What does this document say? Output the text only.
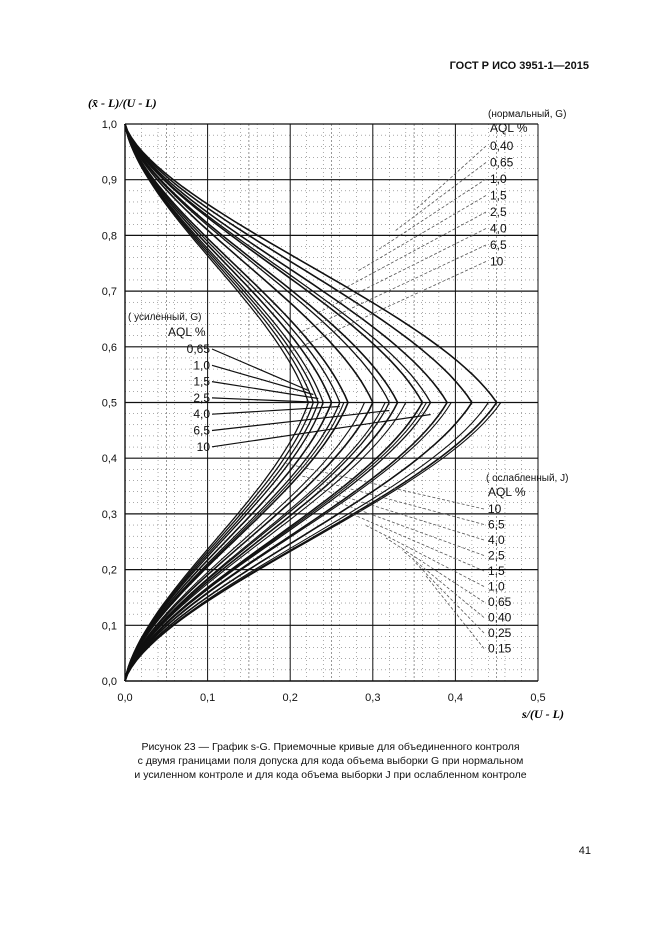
ГОСТ Р ИСО 3951-1—2015
0,0	0,1	0,2	0,3	0,4	0,5
0,0
0,1
0,2
0,3
0,4
0,5
0,6
0,7
0,8
0,9
1,0
(нормальный, G)
AQL %
0,40
0,65
1,0
1,5
2,5
4,0
6,5
10
( усиленный, G)
AQL %
0,65
1,0
1,5
2,5
4,0
6,5
10
( ослабленный, J)
AQL %
10
6,5
4,0
2,5
1,5
1,0
0,65
0,40
0,25
0,15
(x̄ - L)/(U - L)
s/(U - L)
Рисунок 23 — График s-G. Приемочные кривые для объединенного контроля
с двумя границами поля допуска для кода объема выборки G при нормальном
и усиленном контроле и для кода объема выборки J при ослабленном контроле
41
